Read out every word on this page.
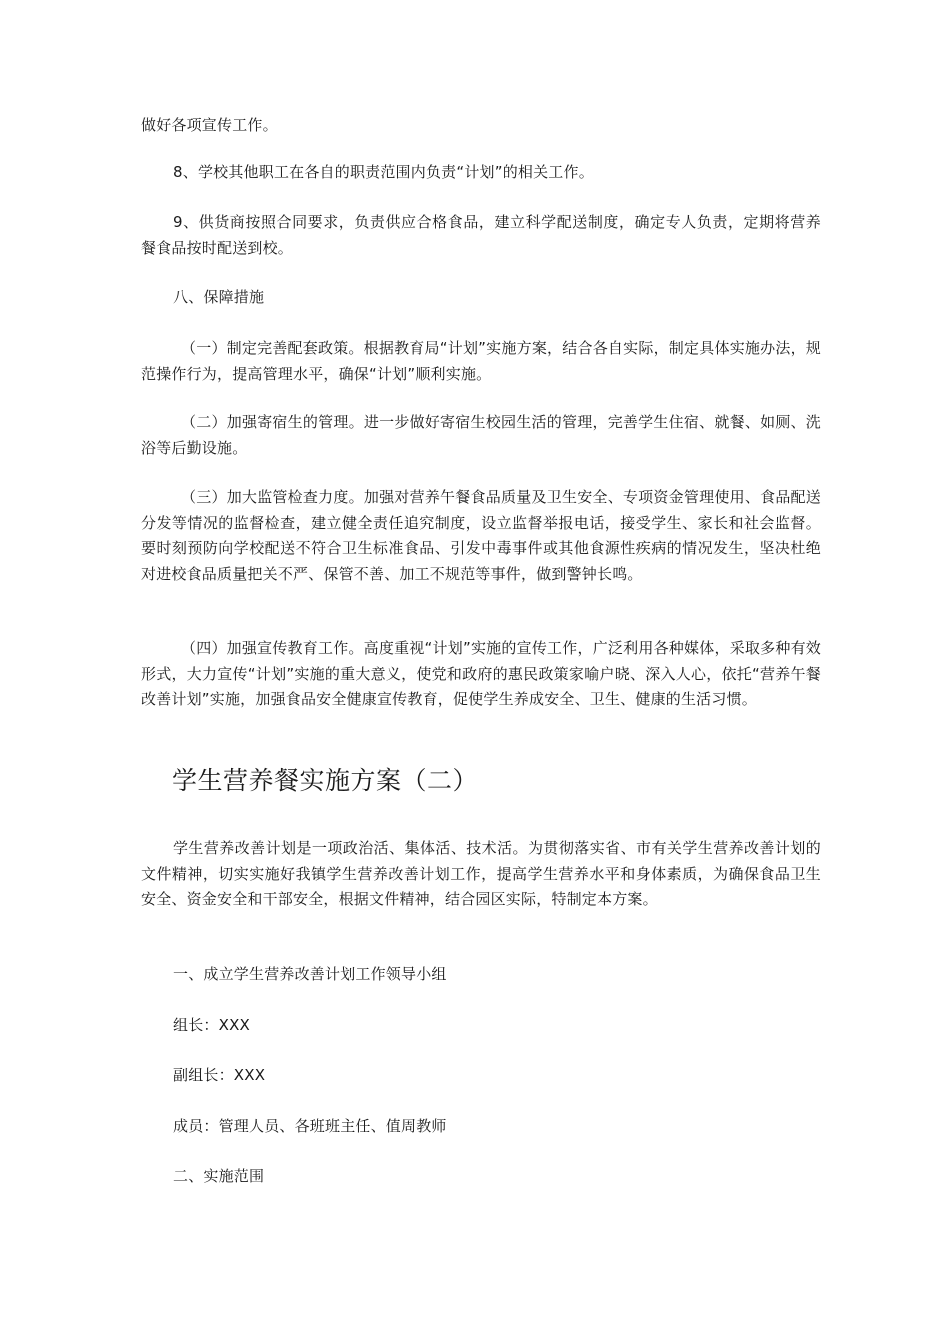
做好各项宣传工作。

8、学校其他职工在各自的职责范围内负责“计划”的相关工作。

9、供货商按照合同要求，负责供应合格食品，建立科学配送制度，确定专人负责，定期将营养餐食品按时配送到校。

八、保障措施

（一）制定完善配套政策。根据教育局“计划”实施方案，结合各自实际，制定具体实施办法，规范操作行为，提高管理水平，确保“计划”顺利实施。

（二）加强寄宿生的管理。进一步做好寄宿生校园生活的管理，完善学生住宿、就餐、如厕、洗浴等后勤设施。

（三）加大监管检查力度。加强对营养午餐食品质量及卫生安全、专项资金管理使用、食品配送分发等情况的监督检查，建立健全责任追究制度，设立监督举报电话，接受学生、家长和社会监督。要时刻预防向学校配送不符合卫生标准食品、引发中毒事件或其他食源性疾病的情况发生，坚决杜绝对进校食品质量把关不严、保管不善、加工不规范等事件，做到警钟长鸣。

（四）加强宣传教育工作。高度重视“计划”实施的宣传工作，广泛利用各种媒体，采取多种有效形式，大力宣传“计划”实施的重大意义，使党和政府的惠民政策家喻户晓、深入人心，依托“营养午餐改善计划”实施，加强食品安全健康宣传教育，促使学生养成安全、卫生、健康的生活习惯。

学生营养餐实施方案（二）

学生营养改善计划是一项政治活、集体活、技术活。为贯彻落实省、市有关学生营养改善计划的文件精神，切实实施好我镇学生营养改善计划工作，提高学生营养水平和身体素质，为确保食品卫生安全、资金安全和干部安全，根据文件精神，结合园区实际，特制定本方案。

一、成立学生营养改善计划工作领导小组

组长：XXX

副组长：XXX

成员：管理人员、各班班主任、值周教师

二、实施范围
